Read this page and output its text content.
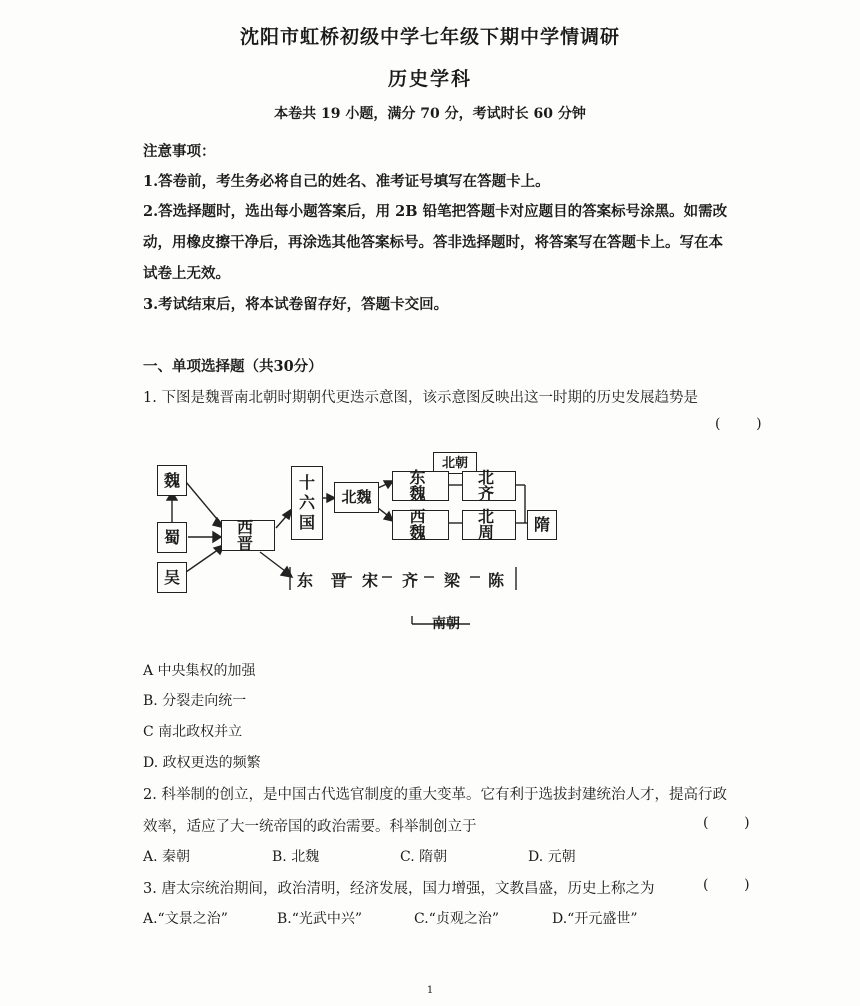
沈阳市虹桥初级中学七年级下期中学情调研
历史学科
本卷共 19 小题，满分 70 分，考试时长 60 分钟
注意事项：
1.答卷前，考生务必将自己的姓名、准考证号填写在答题卡上。
2.答选择题时，选出每小题答案后，用 2B 铅笔把答题卡对应题目的答案标号涂黑。如需改
动，用橡皮擦干净后，再涂选其他答案标号。答非选择题时，将答案写在答题卡上。写在本
试卷上无效。
3.考试结束后，将本试卷留存好，答题卡交回。
一、单项选择题（共30分）
1. 下图是魏晋南北朝时期朝代更迭示意图，该示意图反映出这一时期的历史发展趋势是
(        )
魏
蜀
吴
西 晋
十
六
国
北魏
北朝
东 魏
北 齐
西 魏
北 周	隋
东 晋 宋 齐 梁 陈
南朝
A 中央集权的加强
B. 分裂走向统一
C 南北政权并立
D. 政权更迭的频繁
2. 科举制的创立，是中国古代选官制度的重大变革。它有利于选拔封建统治人才，提高行政
效率，适应了大一统帝国的政治需要。科举制创立于	(        )
A. 秦朝	B. 北魏	C. 隋朝	D. 元朝
3. 唐太宗统治期间，政治清明，经济发展，国力增强，文教昌盛，历史上称之为	(        )
A.“文景之治”	B.“光武中兴”	C.“贞观之治”	D.“开元盛世”
1
